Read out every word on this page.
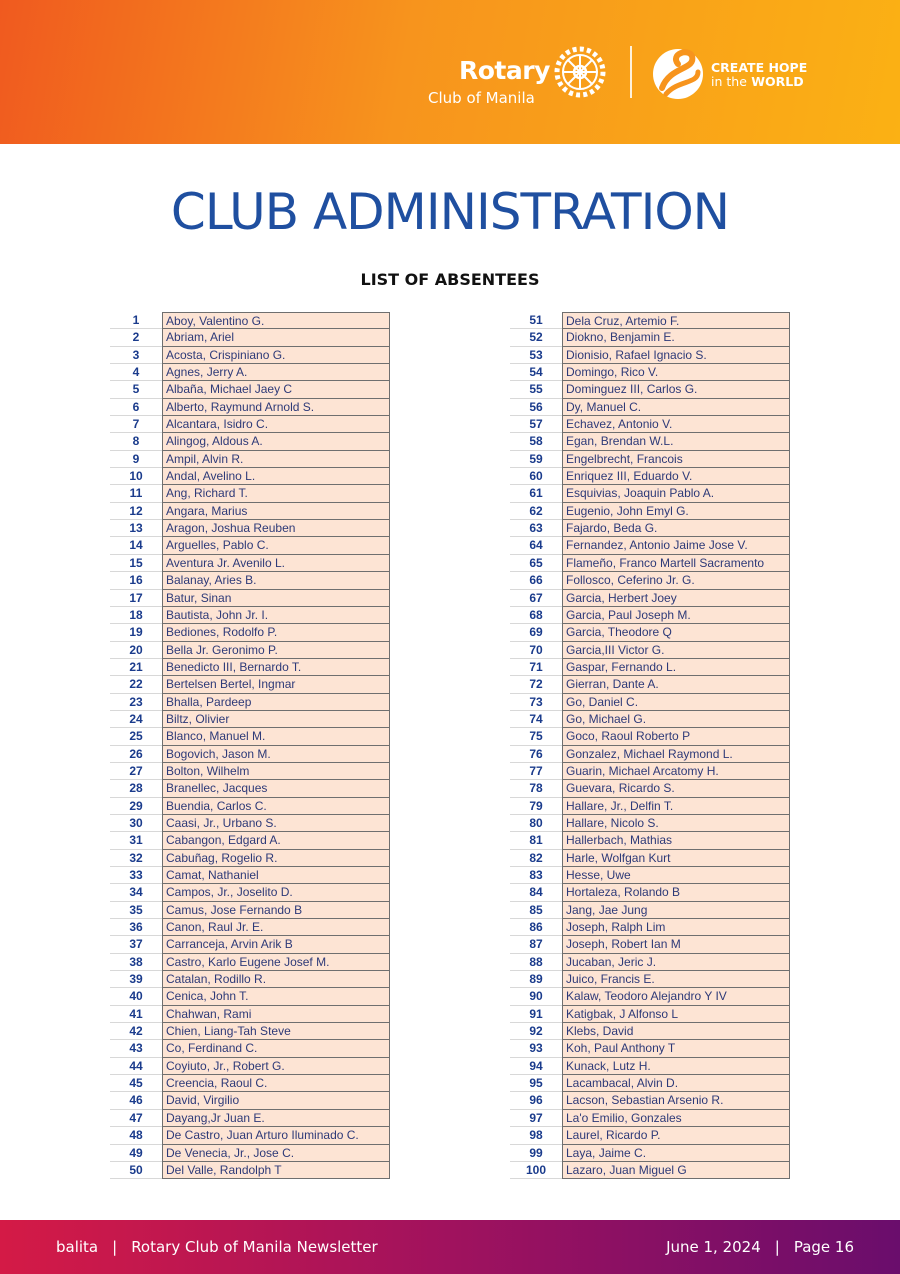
Rotary
Club of Manila
CREATE HOPE
in the WORLD
CLUB ADMINISTRATION
LIST OF ABSENTEES
1	Aboy, Valentino G.
2	Abriam, Ariel
3	Acosta, Crispiniano G.
4	Agnes, Jerry A.
5	Albaña, Michael Jaey C
6	Alberto, Raymund Arnold S.
7	Alcantara, Isidro C.
8	Alingog, Aldous A.
9	Ampil, Alvin R.
10	Andal, Avelino L.
11	Ang, Richard T.
12	Angara, Marius
13	Aragon, Joshua Reuben
14	Arguelles, Pablo C.
15	Aventura Jr. Avenilo L.
16	Balanay, Aries B.
17	Batur, Sinan
18	Bautista, John Jr. I.
19	Bediones, Rodolfo P.
20	Bella Jr. Geronimo P.
21	Benedicto III, Bernardo T.
22	Bertelsen Bertel, Ingmar
23	Bhalla, Pardeep
24	Biltz, Olivier
25	Blanco, Manuel M.
26	Bogovich, Jason M.
27	Bolton, Wilhelm
28	Branellec, Jacques
29	Buendia, Carlos C.
30	Caasi, Jr., Urbano S.
31	Cabangon, Edgard A.
32	Cabuñag, Rogelio R.
33	Camat, Nathaniel
34	Campos, Jr., Joselito D.
35	Camus, Jose Fernando B
36	Canon, Raul Jr. E.
37	Carranceja, Arvin Arik B
38	Castro, Karlo Eugene Josef M.
39	Catalan, Rodillo R.
40	Cenica, John T.
41	Chahwan, Rami
42	Chien, Liang-Tah Steve
43	Co, Ferdinand C.
44	Coyiuto, Jr., Robert G.
45	Creencia, Raoul C.
46	David, Virgilio
47	Dayang,Jr Juan E.
48	De Castro, Juan Arturo Iluminado C.
49	De Venecia, Jr., Jose C.
50	Del Valle, Randolph T
51	Dela Cruz, Artemio F.
52	Diokno, Benjamin E.
53	Dionisio, Rafael Ignacio S.
54	Domingo, Rico V.
55	Dominguez III, Carlos G.
56	Dy, Manuel C.
57	Echavez, Antonio V.
58	Egan, Brendan W.L.
59	Engelbrecht, Francois
60	Enriquez III, Eduardo V.
61	Esquivias, Joaquin Pablo A.
62	Eugenio, John Emyl G.
63	Fajardo, Beda G.
64	Fernandez, Antonio Jaime Jose V.
65	Flameño, Franco Martell Sacramento
66	Follosco, Ceferino Jr. G.
67	Garcia, Herbert Joey
68	Garcia, Paul Joseph M.
69	Garcia, Theodore Q
70	Garcia,III Victor G.
71	Gaspar, Fernando L.
72	Gierran, Dante A.
73	Go, Daniel C.
74	Go, Michael G.
75	Goco, Raoul Roberto P
76	Gonzalez, Michael Raymond L.
77	Guarin, Michael Arcatomy H.
78	Guevara, Ricardo S.
79	Hallare, Jr., Delfin T.
80	Hallare, Nicolo S.
81	Hallerbach, Mathias
82	Harle, Wolfgan Kurt
83	Hesse, Uwe
84	Hortaleza, Rolando B
85	Jang, Jae Jung
86	Joseph, Ralph Lim
87	Joseph, Robert Ian M
88	Jucaban, Jeric J.
89	Juico, Francis E.
90	Kalaw, Teodoro Alejandro Y IV
91	Katigbak, J Alfonso L
92	Klebs, David
93	Koh, Paul Anthony T
94	Kunack, Lutz H.
95	Lacambacal, Alvin D.
96	Lacson, Sebastian Arsenio R.
97	La'o Emilio, Gonzales
98	Laurel, Ricardo P.
99	Laya, Jaime C.
100	Lazaro, Juan Miguel G
balita | Rotary Club of Manila Newsletter	June 1, 2024 | Page 16
